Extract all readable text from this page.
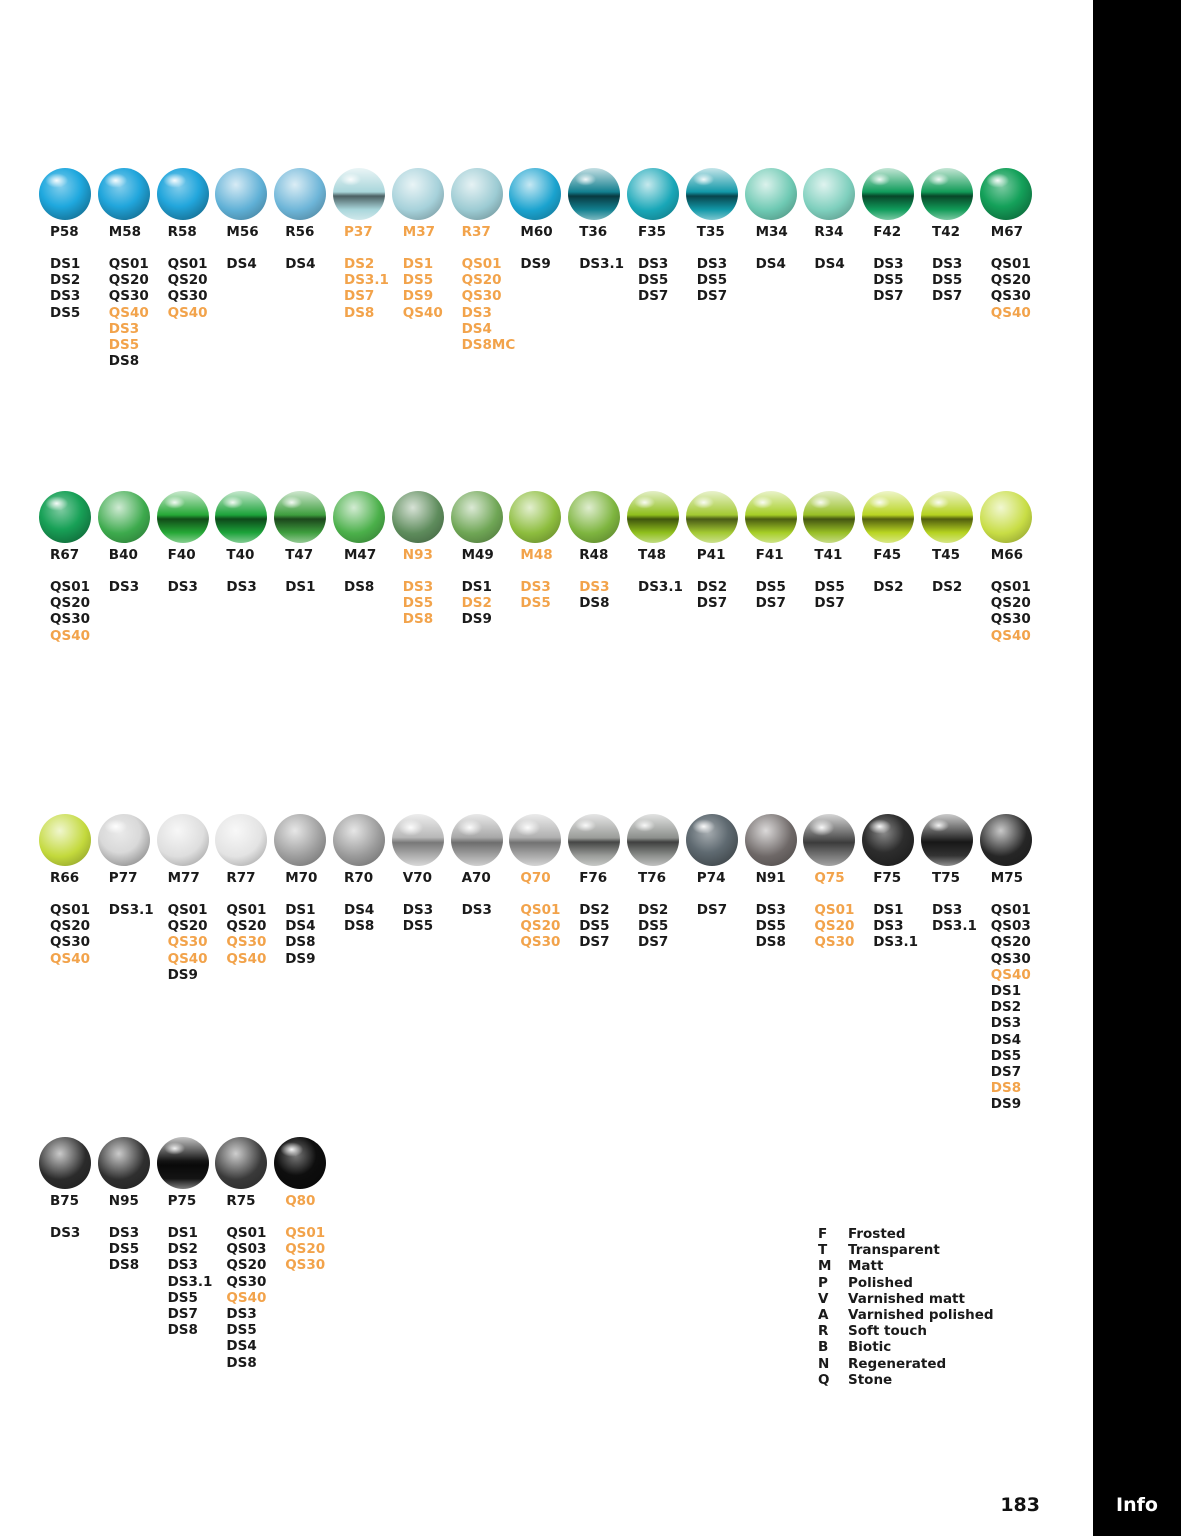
P58
DS1
DS2
DS3
DS5
M58
QS01
QS20
QS30
QS40
DS3
DS5
DS8
R58
QS01
QS20
QS30
QS40
M56
DS4
R56
DS4
P37
DS2
DS3.1
DS7
DS8
M37
DS1
DS5
DS9
QS40
R37
QS01
QS20
QS30
DS3
DS4
DS8MC
M60
DS9
T36
DS3.1
F35
DS3
DS5
DS7
T35
DS3
DS5
DS7
M34
DS4
R34
DS4
F42
DS3
DS5
DS7
T42
DS3
DS5
DS7
M67
QS01
QS20
QS30
QS40
R67
QS01
QS20
QS30
QS40
B40
DS3
F40
DS3
T40
DS3
T47
DS1
M47
DS8
N93
DS3
DS5
DS8
M49
DS1
DS2
DS9
M48
DS3
DS5
R48
DS3
DS8
T48
DS3.1
P41
DS2
DS7
F41
DS5
DS7
T41
DS5
DS7
F45
DS2
T45
DS2
M66
QS01
QS20
QS30
QS40
R66
QS01
QS20
QS30
QS40
P77
DS3.1
M77
QS01
QS20
QS30
QS40
DS9
R77
QS01
QS20
QS30
QS40
M70
DS1
DS4
DS8
DS9
R70
DS4
DS8
V70
DS3
DS5
A70
DS3
Q70
QS01
QS20
QS30
F76
DS2
DS5
DS7
T76
DS2
DS5
DS7
P74
DS7
N91
DS3
DS5
DS8
Q75
QS01
QS20
QS30
F75
DS1
DS3
DS3.1
T75
DS3
DS3.1
M75
QS01
QS03
QS20
QS30
QS40
DS1
DS2
DS3
DS4
DS5
DS7
DS8
DS9
B75
DS3
N95
DS3
DS5
DS8
P75
DS1
DS2
DS3
DS3.1
DS5
DS7
DS8
R75
QS01
QS03
QS20
QS30
QS40
DS3
DS5
DS4
DS8
Q80
QS01
QS20
QS30
F	Frosted
T	Transparent
M	Matt
P	Polished
V	Varnished matt
A	Varnished polished
R	Soft touch
B	Biotic
N	Regenerated
Q	Stone
183	Info
